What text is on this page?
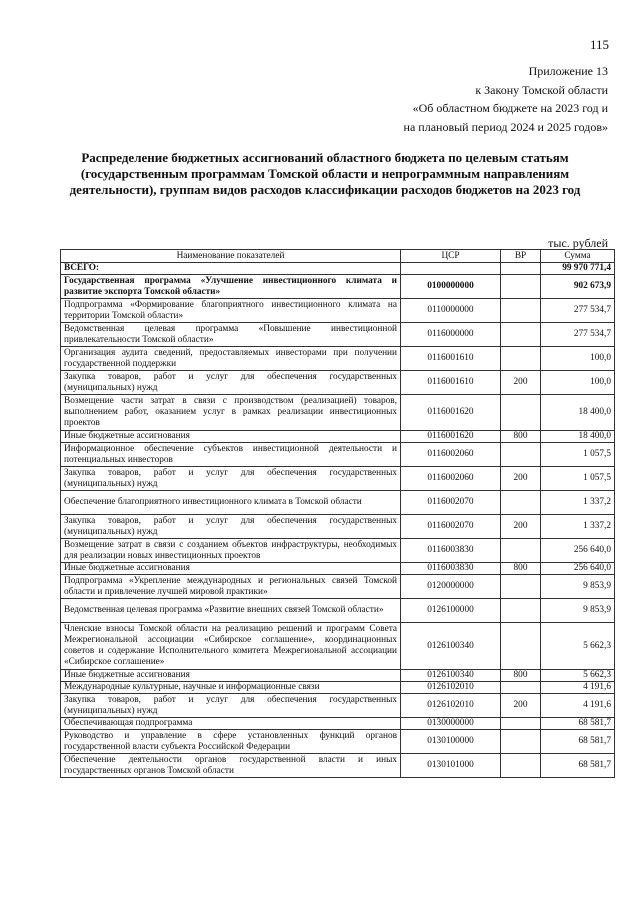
115
Приложение 13
к Закону Томской области
«Об областном бюджете на 2023 год и
на плановый период 2024 и 2025 годов»
Распределение бюджетных ассигнований областного бюджета по целевым статьям (государственным программам Томской области и непрограммным направлениям деятельности), группам видов расходов классификации расходов бюджетов на 2023 год
тыс. рублей
Наименование показателей	ЦСР	ВР	Сумма
ВСЕГО:			99 970 771,4
Государственная программа «Улучшение инвестиционного климата и развитие экспорта Томской области»	0100000000		902 673,9
Подпрограмма «Формирование благоприятного инвестиционного климата на территории Томской области»	0110000000		277 534,7
Ведомственная целевая программа «Повышение инвестиционной привлекательности Томской области»	0116000000		277 534,7
Организация аудита сведений, предоставляемых инвесторами при получении государственной поддержки	0116001610		100,0
Закупка товаров, работ и услуг для обеспечения государственных (муниципальных) нужд	0116001610	200	100,0
Возмещение части затрат в связи с производством (реализацией) товаров, выполнением работ, оказанием услуг в рамках реализации инвестиционных проектов	0116001620		18 400,0
Иные бюджетные ассигнования	0116001620	800	18 400,0
Информационное обеспечение субъектов инвестиционной деятельности и потенциальных инвесторов	0116002060		1 057,5
Закупка товаров, работ и услуг для обеспечения государственных (муниципальных) нужд	0116002060	200	1 057,5
Обеспечение благоприятного инвестиционного климата в Томской области	0116002070		1 337,2
Закупка товаров, работ и услуг для обеспечения государственных (муниципальных) нужд	0116002070	200	1 337,2
Возмещение затрат в связи с созданием объектов инфраструктуры, необходимых для реализации новых инвестиционных проектов	0116003830		256 640,0
Иные бюджетные ассигнования	0116003830	800	256 640,0
Подпрограмма «Укрепление международных и региональных связей Томской области и привлечение лучшей мировой практики»	0120000000		9 853,9
Ведомственная целевая программа «Развитие внешних связей Томской области»	0126100000		9 853,9
Членские взносы Томской области на реализацию решений и программ Совета Межрегиональной ассоциации «Сибирское соглашение», координационных советов и содержание Исполнительного комитета Межрегиональной ассоциации «Сибирское соглашение»	0126100340		5 662,3
Иные бюджетные ассигнования	0126100340	800	5 662,3
Международные культурные, научные и информационные связи	0126102010		4 191,6
Закупка товаров, работ и услуг для обеспечения государственных (муниципальных) нужд	0126102010	200	4 191,6
Обеспечивающая подпрограмма	0130000000		68 581,7
Руководство и управление в сфере установленных функций органов государственной власти субъекта Российской Федерации	0130100000		68 581,7
Обеспечение деятельности органов государственной власти и иных государственных органов Томской области	0130101000		68 581,7
